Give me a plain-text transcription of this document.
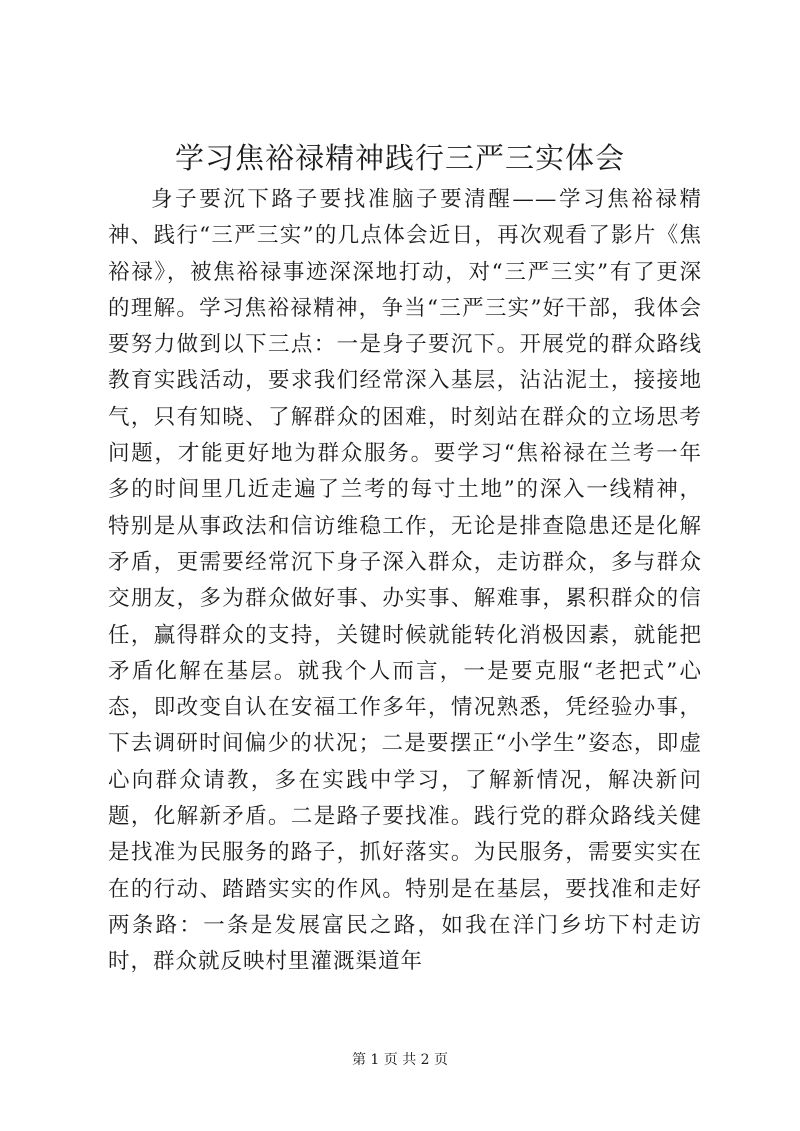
学习焦裕禄精神践行三严三实体会

身子要沉下路子要找准脑子要清醒——学习焦裕禄精神、践行“三严三实”的几点体会近日，再次观看了影片《焦裕禄》，被焦裕禄事迹深深地打动，对“三严三实”有了更深的理解。学习焦裕禄精神，争当“三严三实”好干部，我体会要努力做到以下三点：一是身子要沉下。开展党的群众路线教育实践活动，要求我们经常深入基层，沾沾泥土，接接地气，只有知晓、了解群众的困难，时刻站在群众的立场思考问题，才能更好地为群众服务。要学习“焦裕禄在兰考一年多的时间里几近走遍了兰考的每寸土地”的深入一线精神，特别是从事政法和信访维稳工作，无论是排查隐患还是化解矛盾，更需要经常沉下身子深入群众，走访群众，多与群众交朋友，多为群众做好事、办实事、解难事，累积群众的信任，赢得群众的支持，关键时候就能转化消极因素，就能把矛盾化解在基层。就我个人而言，一是要克服“老把式”心态，即改变自认在安福工作多年，情况熟悉，凭经验办事，下去调研时间偏少的状况；二是要摆正“小学生”姿态，即虚心向群众请教，多在实践中学习，了解新情况，解决新问题，化解新矛盾。二是路子要找准。践行党的群众路线关健是找准为民服务的路子，抓好落实。为民服务，需要实实在在的行动、踏踏实实的作风。特别是在基层，要找准和走好两条路：一条是发展富民之路，如我在洋门乡坊下村走访时，群众就反映村里灌溉渠道年

第 1 页 共 2 页
